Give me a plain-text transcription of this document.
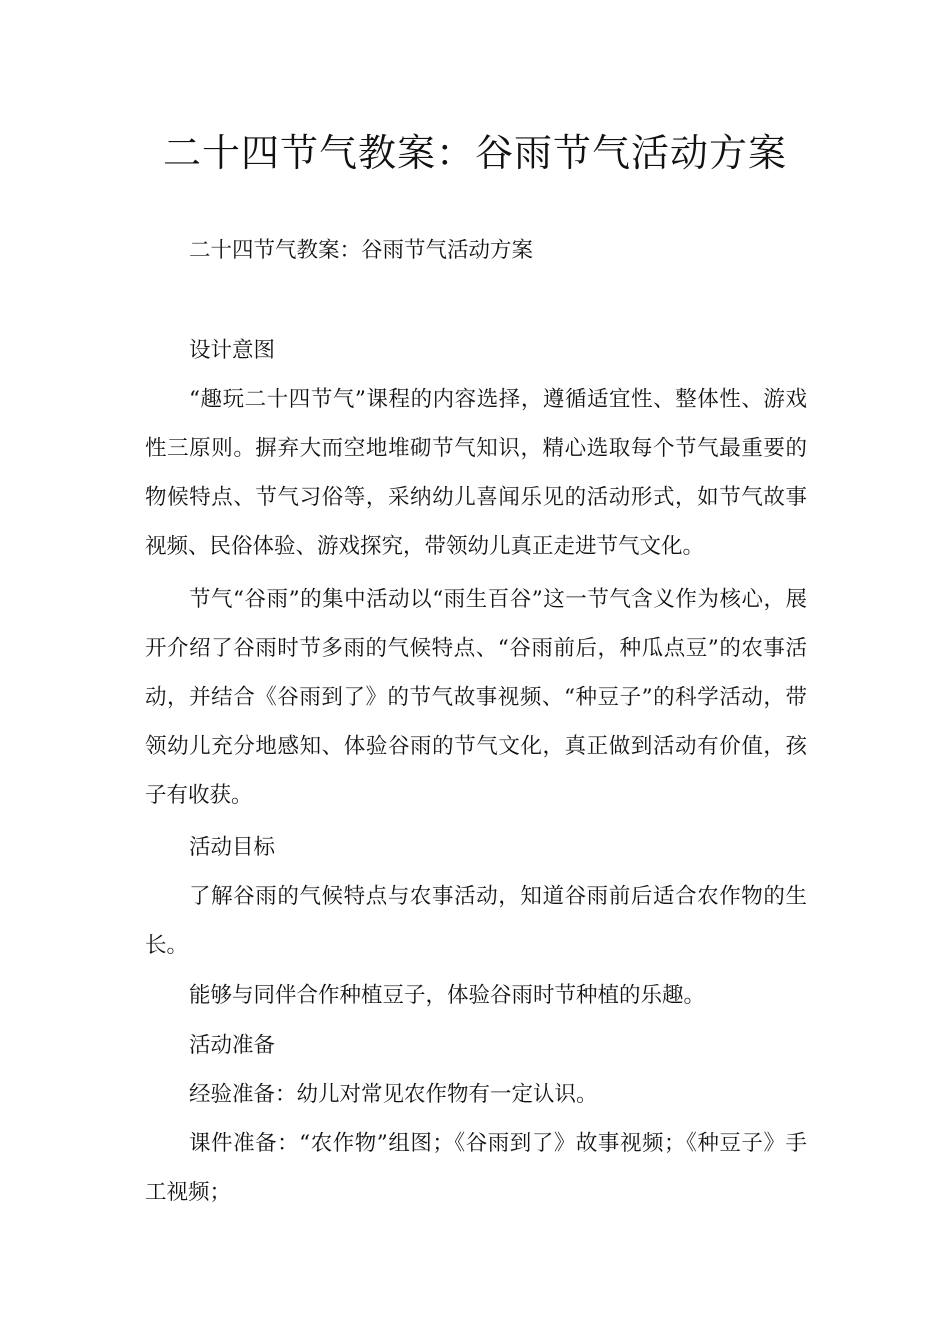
二十四节气教案：谷雨节气活动方案

二十四节气教案：谷雨节气活动方案

设计意图

“趣玩二十四节气”课程的内容选择，遵循适宜性、整体性、游戏性三原则。摒弃大而空地堆砌节气知识，精心选取每个节气最重要的物候特点、节气习俗等，采纳幼儿喜闻乐见的活动形式，如节气故事视频、民俗体验、游戏探究，带领幼儿真正走进节气文化。

节气“谷雨”的集中活动以“雨生百谷”这一节气含义作为核心，展开介绍了谷雨时节多雨的气候特点、“谷雨前后，种瓜点豆”的农事活动，并结合《谷雨到了》的节气故事视频、“种豆子”的科学活动，带领幼儿充分地感知、体验谷雨的节气文化，真正做到活动有价值，孩子有收获。

活动目标

了解谷雨的气候特点与农事活动，知道谷雨前后适合农作物的生长。

能够与同伴合作种植豆子，体验谷雨时节种植的乐趣。

活动准备

经验准备：幼儿对常见农作物有一定认识。

课件准备：“农作物”组图；《谷雨到了》故事视频；《种豆子》手工视频；
